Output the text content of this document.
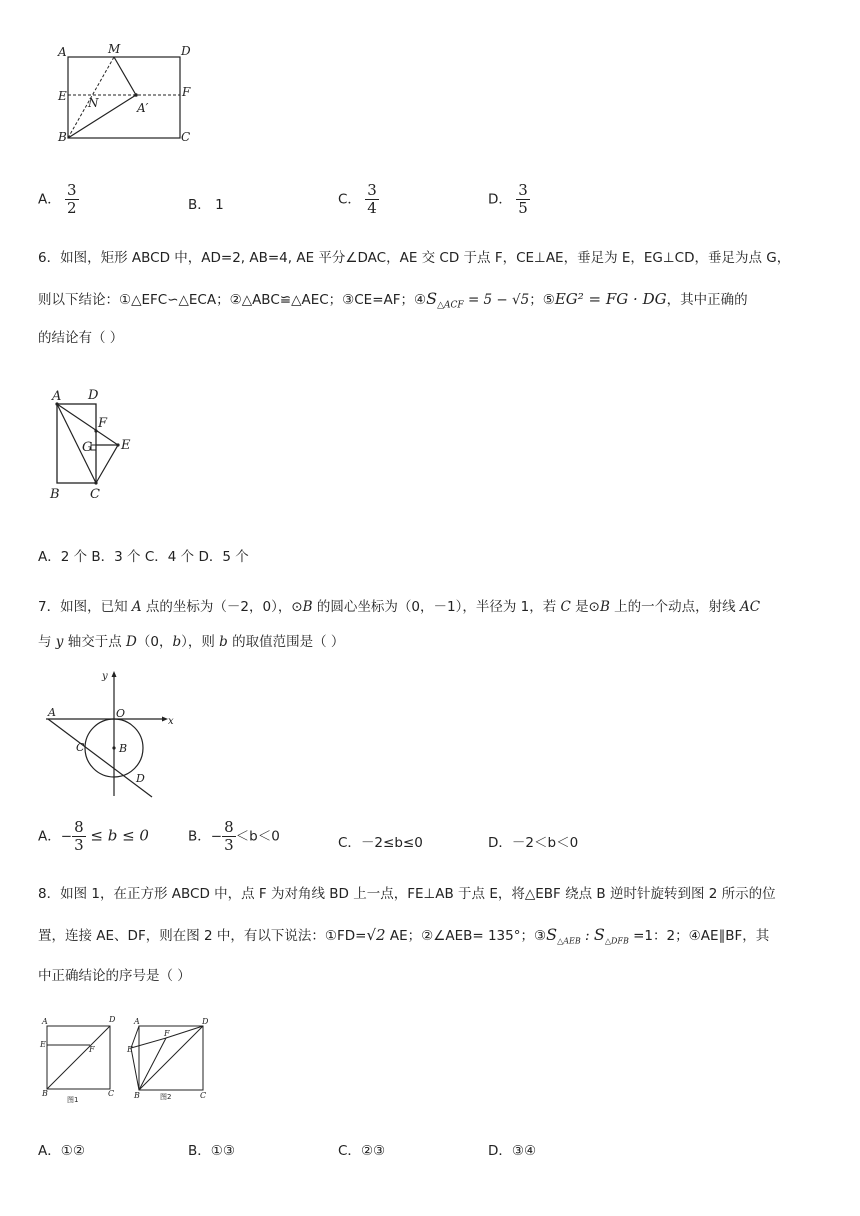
A	M	D
E N
F
A′
B	C
A． $\frac{3}{2}$	B． 1	C． $\frac{3}{4}$	D． $\frac{3}{5}$
6．如图，矩形 ABCD 中，AD=2, AB=4, AE 平分∠DAC，AE 交 CD 于点 F，CE⊥AE，垂足为 E，EG⊥CD，垂足为点 G，
则以下结论：①△EFC∽△ECA；②△ABC≌△AEC；③CE=AF；$④S_{\triangle ACF} = 5 - √5$；⑤EG² = FG · DG，其中正确的
的结论有（ ）
A D
F
G E
B C
A．2 个 B．3 个 C．4 个 D．5 个
7．如图，已知 A 点的坐标为（－2，0），⊙B 的圆心坐标为（0，－1），半径为 1，若 C 是⊙B 上的一个动点，射线 AC
与 y 轴交于点 D（0，b），则 b 的取值范围是（ ）
y
x
A	O
C	B
D
A．− $\frac{8}{3} \le b \le 0$	B．− $\frac{8}{3} <b<0$	C．－2≤b≤0	D．－2＜b＜0
8．如图 1，在正方形 ABCD 中，点 F 为对角线 BD 上一点，FE⊥AB 于点 E，将△EBF 绕点 B 逆时针旋转到图 2 所示的位
置，连接 AE、DF，则在图 2 中，有以下说法：①FD=√2 AE；②∠AEB= 135°；$③S_{\triangle AEB}$ : $S_{\triangle DFB} =1$：2；④AE∥BF，其
中正确结论的序号是（ ）
A	D
E
F
B	C
图1
A	D
E
F
B	C
图2
A．①②	B．①③	C．②③	D．③④
